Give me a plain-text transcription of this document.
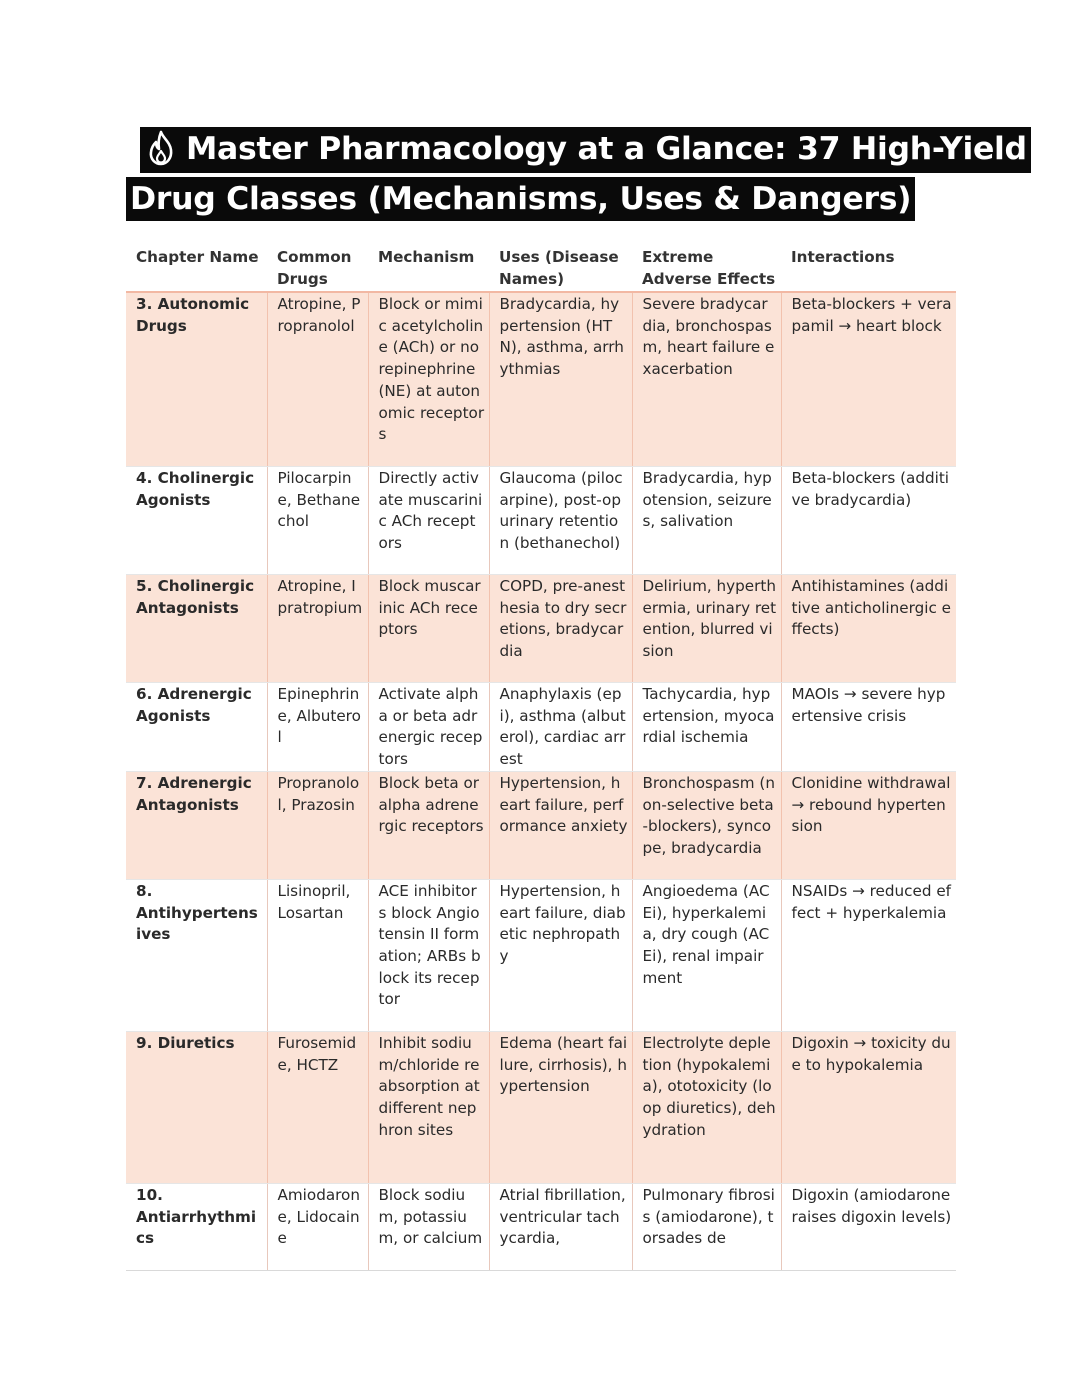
Master Pharmacology at a Glance: 37 High-Yield
Drug Classes (Mechanisms, Uses & Dangers)
Chapter Name	Common Drugs	Mechanism	Uses (Disease Names)	Extreme Adverse Effects	Interactions
3. Autonomic Drugs	Atropine, Propranolol	Block or mimic acetylcholine (ACh) or norepinephrine (NE) at autonomic receptors	Bradycardia, hypertension (HTN), asthma, arrhythmias	Severe bradycardia, bronchospasm, heart failure exacerbation	Beta-blockers + verapamil → heart block
4. Cholinergic Agonists	Pilocarpine, Bethanechol	Directly activate muscarinic ACh receptors	Glaucoma (pilocarpine), post-op urinary retention (bethanechol)	Bradycardia, hypotension, seizures, salivation	Beta-blockers (additive bradycardia)
5. Cholinergic Antagonists	Atropine, Ipratropium	Block muscarinic ACh receptors	COPD, pre-anesthesia to dry secretions, bradycardia	Delirium, hyperthermia, urinary retention, blurred vision	Antihistamines (additive anticholinergic effects)
6. Adrenergic Agonists	Epinephrine, Albuterol	Activate alpha or beta adrenergic receptors	Anaphylaxis (epi), asthma (albuterol), cardiac arrest	Tachycardia, hypertension, myocardial ischemia	MAOIs → severe hypertensive crisis
7. Adrenergic Antagonists	Propranolol, Prazosin	Block beta or alpha adrenergic receptors	Hypertension, heart failure, performance anxiety	Bronchospasm (non-selective beta-blockers), syncope, bradycardia	Clonidine withdrawal → rebound hypertension
8. Antihypertensives	Lisinopril, Losartan	ACE inhibitors block Angiotensin II formation; ARBs block its receptor	Hypertension, heart failure, diabetic nephropathy	Angioedema (ACEi), hyperkalemia, dry cough (ACEi), renal impairment	NSAIDs → reduced effect + hyperkalemia
9. Diuretics	Furosemide, HCTZ	Inhibit sodium/chloride reabsorption at different nephron sites	Edema (heart failure, cirrhosis), hypertension	Electrolyte depletion (hypokalemia), ototoxicity (loop diuretics), dehydration	Digoxin → toxicity due to hypokalemia
10. Antiarrhythmics	Amiodarone, Lidocaine	Block sodium, potassium, or calcium	Atrial fibrillation, ventricular tachycardia,	Pulmonary fibrosis (amiodarone), torsades de	Digoxin (amiodarone raises digoxin levels)
